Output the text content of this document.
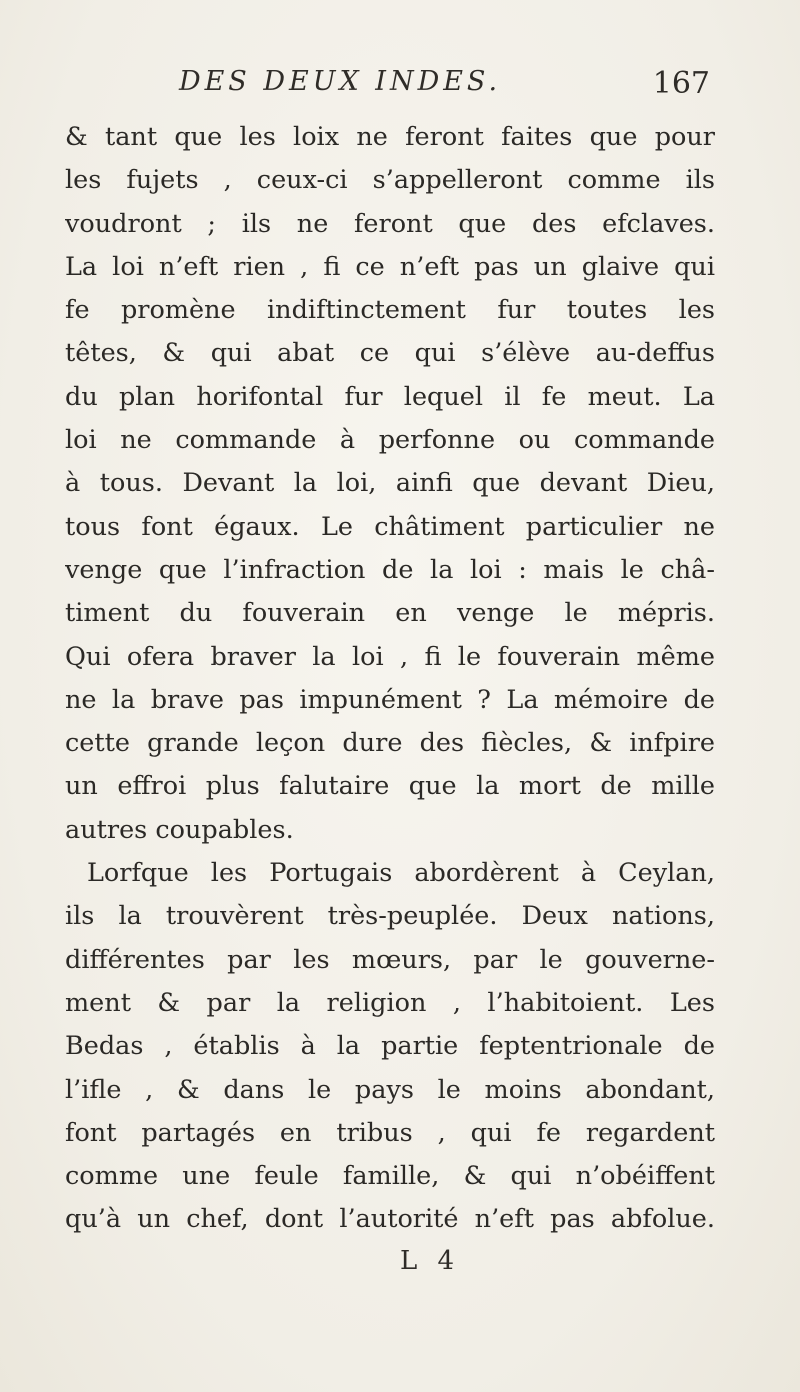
DES DEUX INDES.	167
& tant que les loix ne feront faites que pour
les fujets , ceux-ci s’appelleront comme ils
voudront ; ils ne feront que des efclaves.
La loi n’eft rien , fi ce n’eft pas un glaive qui
fe promène indiftinctement fur toutes les
têtes, & qui abat ce qui s’élève au-deffus
du plan horifontal fur lequel il fe meut. La
loi ne commande à perfonne ou commande
à tous. Devant la loi, ainfi que devant Dieu,
tous font égaux. Le châtiment particulier ne
venge que l’infraction de la loi : mais le châ-
timent du fouverain en venge le mépris.
Qui ofera braver la loi , fi le fouverain même
ne la brave pas impunément ? La mémoire de
cette grande leçon dure des fiècles, & infpire
un effroi plus falutaire que la mort de mille
autres coupables.
Lorfque les Portugais abordèrent à Ceylan,
ils la trouvèrent très-peuplée. Deux nations,
différentes par les mœurs, par le gouverne-
ment & par la religion , l’habitoient. Les
Bedas , établis à la partie feptentrionale de
l’ifle , & dans le pays le moins abondant,
font partagés en tribus , qui fe regardent
comme une feule famille, & qui n’obéiffent
qu’à un chef, dont l’autorité n’eft pas abfolue.
L 4
